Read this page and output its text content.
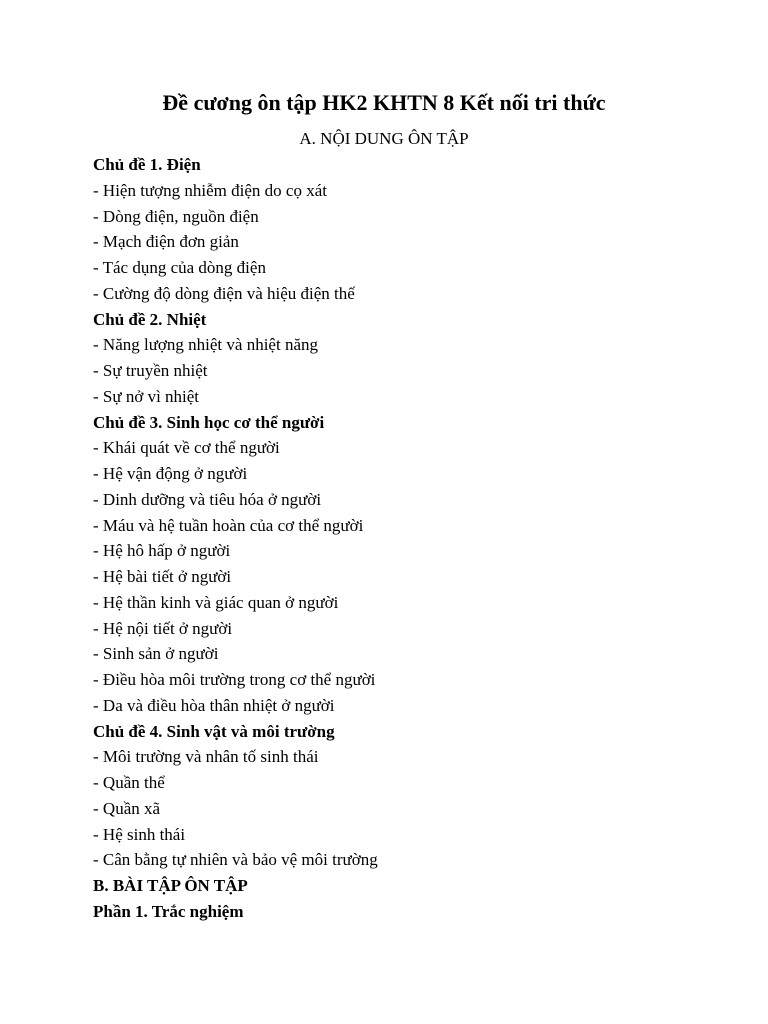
Đề cương ôn tập HK2 KHTN 8 Kết nối tri thức

A. NỘI DUNG ÔN TẬP

Chủ đề 1. Điện

- Hiện tượng nhiễm điện do cọ xát

- Dòng điện, nguồn điện

- Mạch điện đơn giản

- Tác dụng của dòng điện

- Cường độ dòng điện và hiệu điện thế

Chủ đề 2. Nhiệt

- Năng lượng nhiệt và nhiệt năng

- Sự truyền nhiệt

- Sự nở vì nhiệt

Chủ đề 3. Sinh học cơ thể người

- Khái quát về cơ thể người

- Hệ vận động ở người

- Dinh dưỡng và tiêu hóa ở người

- Máu và hệ tuần hoàn của cơ thể người

- Hệ hô hấp ở người

- Hệ bài tiết ở người

- Hệ thần kinh và giác quan ở người

- Hệ nội tiết ở người

- Sinh sản ở người

- Điều hòa môi trường trong cơ thể người

- Da và điều hòa thân nhiệt ở người

Chủ đề 4. Sinh vật và môi trường

- Môi trường và nhân tố sinh thái

- Quần thể

- Quần xã

- Hệ sinh thái

- Cân bằng tự nhiên và bảo vệ môi trường

B. BÀI TẬP ÔN TẬP

Phần 1. Trắc nghiệm
